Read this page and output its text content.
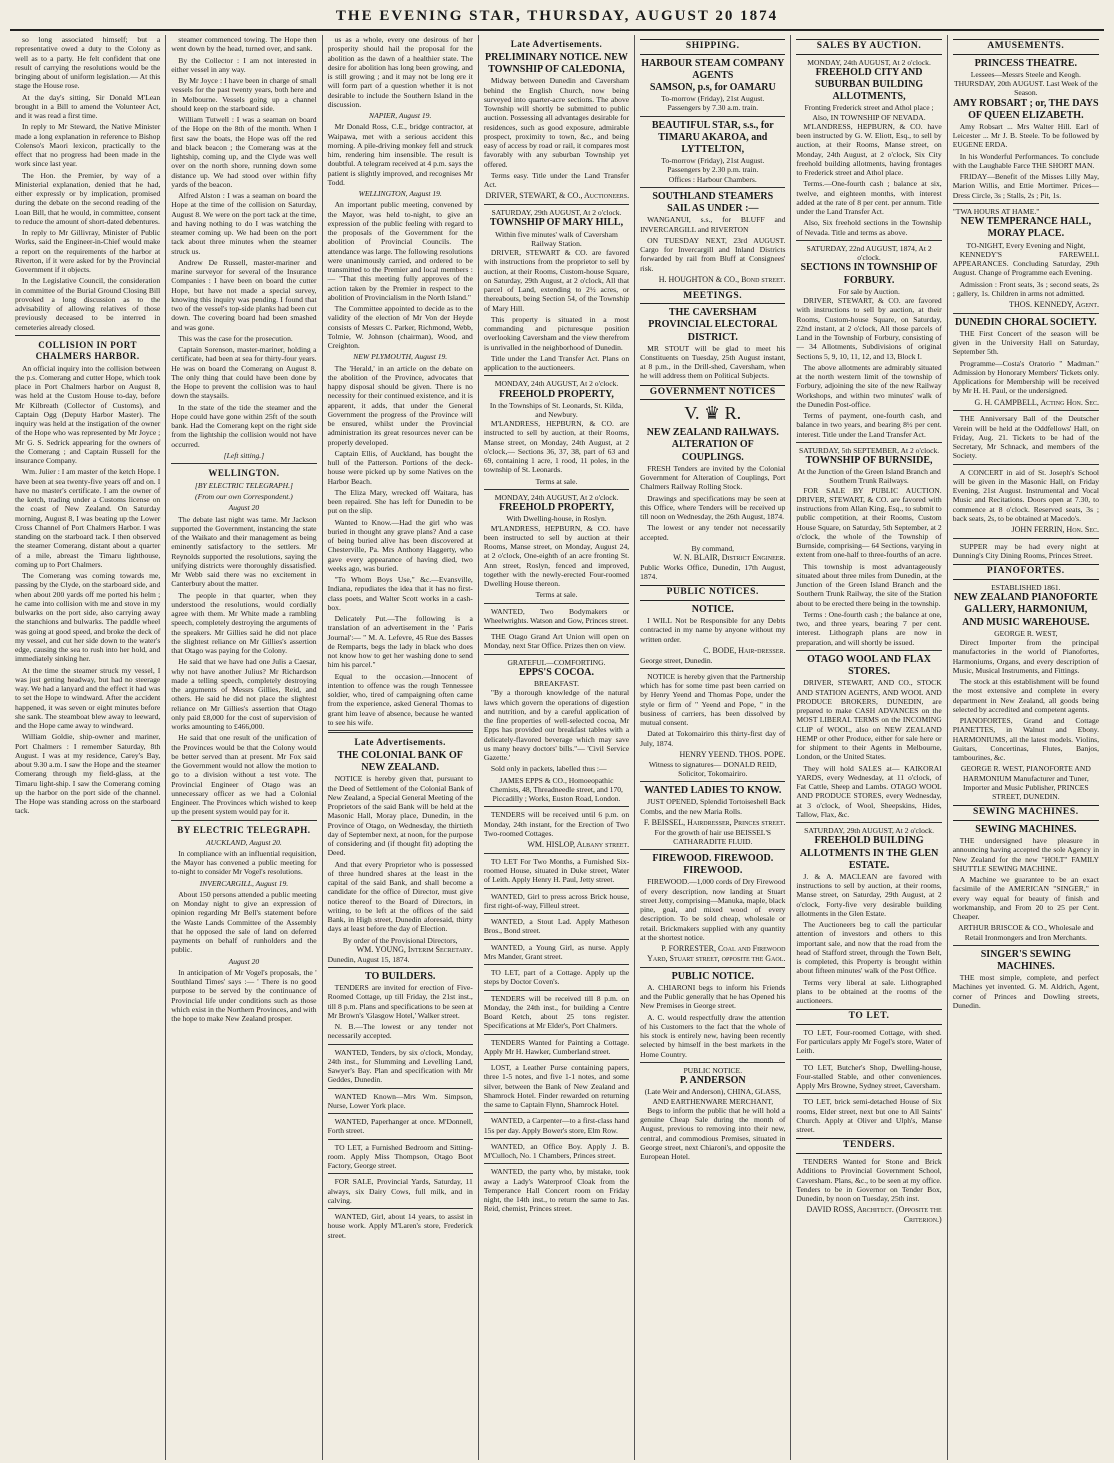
THE EVENING STAR, THURSDAY, AUGUST 20 1874

so long associated himself; but a representative owed a duty to the Colony as well as to a party. He felt confident that one result of carrying the resolutions would be the bringing about of uniform legislation.— At this stage the House rose.

At the day's sitting, Sir Donald M'Lean brought in a Bill to amend the Volunteer Act, and it was read a first time.

In reply to Mr Steward, the Native Minister made a long explanation in reference to Bishop Colenso's Maori lexicon, practically to the effect that no progress had been made in the work since last year.

The Hon. the Premier, by way of a Ministerial explanation, denied that he had, either expressly or by implication, promised during the debate on the second reading of the Loan Bill, that he would, in committee, consent to reduce the amount of short-dated debentures.

In reply to Mr Gillivray, Minister of Public Works, said the Engineer-in-Chief would make a report on the requirements of the harbor at Riverton, if it were asked for by the Provincial Government if it objects.

In the Legislative Council, the consideration in committee of the Burial Ground Closing Bill provoked a long discussion as to the advisability of allowing relatives of those previously deceased to be interred in cemeteries already closed.

COLLISION IN PORT CHALMERS HARBOR.

An official inquiry into the collision between the p.s. Comerang and cutter Hope, which took place in Port Chalmers harbor on August 8, was held at the Custom House to-day, before Mr Kilbreath (Collector of Customs), and Captain Ogg (Deputy Harbor Master). The inquiry was held at the instigation of the owner of the Hope who was represented by Mr Joyce ; Mr G. S. Sedrick appearing for the owners of the Comerang ; and Captain Russell for the insurance Company.

Wm. Julier : I am master of the ketch Hope. I have been at sea twenty-five years off and on. I have no master's certificate. I am the owner of the ketch, trading under a Customs license on the coast of New Zealand. On Saturday morning, August 8, I was beating up the Lower Cross Channel of Port Chalmers Harbor. I was standing on the starboard tack. I then observed the steamer Comerang, distant about a quarter of a mile, abreast the Timaru lighthouse, coming up to Port Chalmers.

The Comerang was coming towards me, passing by the Clyde, on the starboard side, and when about 200 yards off me ported his helm ; he came into collision with me and stove in my bulwarks on the port side, also carrying away the stanchions and bulwarks. The paddle wheel was going at good speed, and broke the deck of my vessel, and cut her side down to the water's edge, causing the sea to rush into her hold, and immediately sinking her.

At the time the steamer struck my vessel, I was just getting headway, but had no steerage way. We had a lanyard and the effect it had was to set the Hope to windward. After the accident happened, it was seven or eight minutes before she sank. The steamboat blew away to leeward, and the Hope came away to windward.

William Goldie, ship-owner and mariner, Port Chalmers : I remember Saturday, 8th August. I was at my residence, Carey's Bay, about 9.30 a.m. I saw the Hope and the steamer Comerang through my field-glass, at the Timaru light-ship. I saw the Comerang coming up the harbor on the port side of the channel. The Hope was standing across on the starboard tack.

steamer commenced towing. The Hope then went down by the head, turned over, and sank.

By the Collector : I am not interested in either vessel in any way.

By Mr Joyce : I have been in charge of small vessels for the past twenty years, both here and in Melbourne. Vessels going up a channel should keep on the starboard side.

William Tutwell : I was a seaman on board of the Hope on the 8th of the month. When I first saw the boats, the Hope was off the red and black beacon ; the Comerang was at the lightship, coming up, and the Clyde was well over on the north shore, running down some distance up. We had stood over within fifty yards of the beacon.

Alfred Alston : I was a seaman on board the Hope at the time of the collision on Saturday, August 8. We were on the port tack at the time, and having nothing to do I was watching the steamer coming up. We had been on the port tack about three minutes when the steamer struck us.

Andrew De Russell, master-mariner and marine surveyor for several of the Insurance Companies : I have been on board the cutter Hope, but have not made a special survey, knowing this inquiry was pending. I found that two of the vessel's top-side planks had been cut down. The covering board had been smashed and was gone.

This was the case for the prosecution.

Captain Sorenson, master-mariner, holding a certificate, had been at sea for thirty-four years. He was on board the Comerang on August 8. The only thing that could have been done by the Hope to prevent the collision was to haul down the staysails.

In the state of the tide the steamer and the Hope could have gone within 25ft of the south bank. Had the Comerang kept on the right side from the lightship the collision would not have occurred.

[Left sitting.]
WELLINGTON.
[BY ELECTRIC TELEGRAPH.]
(From our own Correspondent.)
August 20

The debate last night was tame. Mr Jackson supported the Government, instancing the state of the Waikato and their management as being eminently satisfactory to the settlers. Mr Reynolds supported the resolutions, saying the unifying districts were thoroughly dissatisfied. Mr Webb said there was no excitement in Canterbury about the matter.

The people in that quarter, when they understood the resolutions, would cordially agree with them. Mr White made a rambling speech, completely destroying the arguments of the speakers. Mr Gillies said he did not place the slightest reliance on Mr Gillies's assertion that Otago was paying for the Colony.

He said that we have had one Julis a Caesar, why not have another Julius? Mr Richardson made a telling speech, completely destroying the arguments of Messrs Gillies, Reid, and others. He said he did not place the slightest reliance on Mr Gillies's assertion that Otago only paid £8,000 for the cost of supervision of works amounting to £466,000.

He said that one result of the unification of the Provinces would be that the Colony would be better served than at present. Mr Fox said the Government would not allow the motion to go to a division without a test vote. The Provincial Engineer of Otago was an unnecessary officer as we had a Colonial Engineer. The Provinces which wished to keep up the present system would pay for it.

BY ELECTRIC TELEGRAPH.
AUCKLAND, August 20.

In compliance with an influential requisition, the Mayor has convened a public meeting for to-night to consider Mr Vogel's resolutions.

INVERCARGILL, August 19.

About 150 persons attended a public meeting on Monday night to give an expression of opinion regarding Mr Bell's statement before the Waste Lands Committee of the Assembly that he opposed the sale of land on deferred payments on behalf of runholders and the public.

August 20

In anticipation of Mr Vogel's proposals, the ' Southland Times' says :— ' There is no good purpose to be served by the continuance of Provincial life under conditions such as those which exist in the Northern Provinces, and with the hope to make New Zealand prosper.

us as a whole, every one desirous of her prosperity should hail the proposal for the abolition as the dawn of a healthier state. The desire for abolition has long been growing, and is still growing ; and it may not be long ere it will form part of a question whether it is not desirable to include the Southern Island in the discussion.

NAPIER, August 19.

Mr Donald Ross, C.E., bridge contractor, at Waipawa, met with a serious accident this morning. A pile-driving monkey fell and struck him, rendering him insensible. The result is doubtful. A telegram received at 4 p.m. says the patient is slightly improved, and recognises Mr Todd.

WELLINGTON, August 19.

An important public meeting, convened by the Mayor, was held to-night, to give an expression of the public feeling with regard to the proposals of the Government for the abolition of Provincial Councils. The attendance was large. The following resolutions were unanimously carried, and ordered to be transmitted to the Premier and local members :— "That this meeting fully approves of the action taken by the Premier in respect to the abolition of Provincialism in the North Island."

The Committee appointed to decide as to the validity of the election of Mr Von der Heyde consists of Messrs C. Parker, Richmond, Webb, Tolmie, W. Johnson (chairman), Wood, and Creighton.

NEW PLYMOUTH, August 19.

The 'Herald,' in an article on the debate on the abolition of the Province, advocates that happy disposal should be given. There is no necessity for their continued existence, and it is apparent, it adds, that under the General Government the progress of the Province will be ensured, whilst under the Provincial administration its great resources never can be properly developed.

Captain Ellis, of Auckland, has bought the hull of the Patterson. Portions of the deck-house were picked up by some Natives on the Harbor Beach.

The Eliza Mary, wrecked off Waitara, has been repaired. She has left for Dunedin to be put on the slip.

Wanted to Know.—Had the girl who was buried in thought any grave plans? And a case of being buried alive has been discovered at Chesterville, Pa. Mrs Anthony Haggerty, who gave every appearance of having died, two weeks ago, was buried.

"To Whom Boys Use," &c.—Evansville, Indiana, repudiates the idea that it has no first-class poets, and Walter Scott works in a cash-box.

Delicately Put.—The following is a translation of an advertisement in the ' Paris Journal':— " M. A. Lefevre, 45 Rue des Basses de Remparts, begs the lady in black who does not know how to get her washing done to send him his parcel."

Equal to the occasion.—Innocent of intention to offence was the rough Tennessee soldier, who, tired of campaigning often came from the experience, asked General Thomas to grant him leave of absence, because he wanted to see his wife.

Late Advertisements.
THE COLONIAL BANK OF NEW ZEALAND.

NOTICE is hereby given that, pursuant to the Deed of Settlement of the Colonial Bank of New Zealand, a Special General Meeting of the Proprietors of the said Bank will be held at the Masonic Hall, Moray place, Dunedin, in the Province of Otago, on Wednesday, the thirtieth day of September next, at noon, for the purpose of considering and (if thought fit) adopting the Deed.

And that every Proprietor who is possessed of three hundred shares at the least in the capital of the said Bank, and shall become a candidate for the office of Director, must give notice thereof to the Board of Directors, in writing, to be left at the offices of the said Bank, in High street, Dunedin aforesaid, thirty days at least before the day of Election.

By order of the Provisional Directors,
WM. YOUNG, Interim Secretary.
Dunedin, August 15, 1874.
TO BUILDERS.

TENDERS are invited for erection of Five-Roomed Cottage, up till Friday, the 21st inst., till 8 p.m. Plans and specifications to be seen at Mr Brown's 'Glasgow Hotel,' Walker street.

N. B.—The lowest or any tender not necessarily accepted.

WANTED, Tenders, by six o'clock, Monday, 24th inst., for Slumming and Levelling Land, Sawyer's Bay. Plan and specification with Mr Geddes, Dunedin.

WANTED Known—Mrs Wm. Simpson, Nurse, Lower York place.

WANTED, Paperhanger at once. M'Donnell, Forth street.

TO LET, a Furnished Bedroom and Sitting-room. Apply Miss Thompson, Otago Boot Factory, George street.

FOR SALE, Provincial Yards, Saturday, 11 always, six Dairy Cows, full milk, and in calving.

WANTED, Girl, about 14 years, to assist in house work. Apply M'Laren's store, Frederick street.

Late Advertisements.
PRELIMINARY NOTICE. NEW TOWNSHIP OF CALEDONIA,

Midway between Dunedin and Caversham behind the English Church, now being surveyed into quarter-acre sections. The above Township will shortly be submitted to public auction. Possessing all advantages desirable for residences, such as good exposure, admirable prospect, proximity to town, &c., and being easy of access by road or rail, it compares most favorably with any suburban Township yet offered.

Terms easy. Title under the Land Transfer Act.

DRIVER, STEWART, & CO., Auctioneers.
SATURDAY, 29th AUGUST, At 2 o'clock.
TOWNSHIP OF MARY HILL,
Within five minutes' walk of Caversham Railway Station.

DRIVER, STEWART & CO. are favored with instructions from the proprietor to sell by auction, at their Rooms, Custom-house Square, on Saturday, 29th August, at 2 o'clock, All that parcel of Land, extending to 2½ acres, or thereabouts, being Section 54, of the Township of Mary Hill.

This property is situated in a most commanding and picturesque position overlooking Caversham and the view therefrom is unrivalled in the neighborhood of Dunedin.

Title under the Land Transfer Act. Plans on application to the auctioneers.

MONDAY, 24th AUGUST, At 2 o'clock.
FREEHOLD PROPERTY,
In the Townships of St. Leonards, St. Kilda, and Newbury.

M'LANDRESS, HEPBURN, & CO. are instructed to sell by auction, at their Rooms, Manse street, on Monday, 24th August, at 2 o'clock,— Sections 36, 37, 38, part of 63 and 69, containing 1 acre, 1 rood, 11 poles, in the township of St. Leonards.

Terms at sale.
MONDAY, 24th AUGUST, At 2 o'clock.
FREEHOLD PROPERTY,
With Dwelling-house, in Roslyn.

M'LANDRESS, HEPBURN, & CO. have been instructed to sell by auction at their Rooms, Manse street, on Monday, August 24, at 2 o'clock, One-eighth of an acre fronting St. Ann street, Roslyn, fenced and improved, together with the newly-erected Four-roomed Dwelling House thereon.

Terms at sale.

WANTED, Two Bodymakers or Wheelwrights. Watson and Gow, Princes street.

THE Otago Grand Art Union will open on Monday, next Star Office. Prizes then on view.

GRATEFUL—COMFORTING.
EPPS'S COCOA.
BREAKFAST.

"By a thorough knowledge of the natural laws which govern the operations of digestion and nutrition, and by a careful application of the fine properties of well-selected cocoa, Mr Epps has provided our breakfast tables with a delicately-flavored beverage which may save us many heavy doctors' bills."— 'Civil Service Gazette.'

Sold only in packets, labelled thus :—

JAMES EPPS & CO., Homoeopathic Chemists, 48, Threadneedle street, and 170, Piccadilly ; Works, Euston Road, London.

TENDERS will be received until 6 p.m. on Monday, 24th instant, for the Erection of Two Two-roomed Cottages.

WM. HISLOP, Albany street.

TO LET For Two Months, a Furnished Six-roomed House, situated in Duke street, Water of Leith. Apply Henry H. Paul, Jetty street.

WANTED, Girl to press across Brick house, first right-of-way, Filleul street.

WANTED, a Stout Lad. Apply Matheson Bros., Bond street.

WANTED, a Young Girl, as nurse. Apply Mrs Mander, Grant street.

TO LET, part of a Cottage. Apply up the steps by Doctor Coven's.

TENDERS will be received till 8 p.m. on Monday, the 24th inst., for building a Centre Board Ketch, about 25 tons register. Specifications at Mr Elder's, Port Chalmers.

TENDERS Wanted for Painting a Cottage. Apply Mr H. Hawker, Cumberland street.

LOST, a Leather Purse containing papers, three 1-5 notes, and five 1-1 notes, and some silver, between the Bank of New Zealand and Shamrock Hotel. Finder rewarded on returning the same to Captain Flynn, Shamrock Hotel.

WANTED, a Carpenter—to a first-class hand 15s per day. Apply Bower's store, Elm Row.

WANTED, an Office Boy. Apply J. B. M'Culloch, No. 1 Chambers, Princes street.

WANTED, the party who, by mistake, took away a Lady's Waterproof Cloak from the Temperance Hall Concert room on Friday night, the 14th inst., to return the same to Jas. Reid, chemist, Princes street.

SHIPPING.
HARBOUR STEAM COMPANY AGENTS
SAMSON, p.s, for OAMARU
To-morrow (Friday), 21st August.
Passengers by 7.30 a.m. train.
BEAUTIFUL STAR, s.s., for TIMARU AKAROA, and LYTTELTON,
To-morrow (Friday), 21st August.
Passengers by 2.30 p.m. train.
Offices : Harbour Chambers.
SOUTHLAND STEAMERS SAIL AS UNDER :—

WANGANUI, s.s., for BLUFF and INVERCARGILL and RIVERTON

ON TUESDAY NEXT, 23rd AUGUST. Cargo for Invercargill and Inland Districts forwarded by rail from Bluff at Consignees' risk.

H. HOUGHTON & CO., Bond street.
MEETINGS.
THE CAVERSHAM PROVINCIAL ELECTORAL DISTRICT.

MR STOUT will be glad to meet his Constituents on Tuesday, 25th August instant, at 8 p.m., in the Drill-shed, Caversham, when he will address them on Political Subjects.

GOVERNMENT NOTICES
V. ♛ R.
NEW ZEALAND RAILWAYS. ALTERATION OF COUPLINGS.

FRESH Tenders are invited by the Colonial Government for Alteration of Couplings, Port Chalmers Railway Rolling Stock.

Drawings and specifications may be seen at this Office, where Tenders will be received up till noon on Wednesday, the 26th August, 1874.

The lowest or any tender not necessarily accepted.

By command,
W. N. BLAIR, District Engineer.
Public Works Office, Dunedin, 17th August, 1874.
PUBLIC NOTICES.
NOTICE.

I WILL Not be Responsible for any Debts contracted in my name by anyone without my written order.

C. BODE, Hair-dresser.
George street, Dunedin.

NOTICE is hereby given that the Partnership which has for some time past been carried on by Henry Yeend and Thomas Pope, under the style or firm of " Yeend and Pope, " in the business of carriers, has been dissolved by mutual consent.

Dated at Tokomairiro this thirty-first day of July, 1874.

HENRY YEEND. THOS. POPE.
Witness to signatures— DONALD REID, Solicitor, Tokomairiro.
WANTED LADIES TO KNOW.

JUST OPENED, Splendid Tortoiseshell Back Combs, and the new Maria Rolls.

F. BEISSEL, Hairdresser, Princes street.
For the growth of hair use BEISSEL'S CATHARADITE FLUID.
FIREWOOD. FIREWOOD. FIREWOOD.

FIREWOOD.—1,000 cords of Dry Firewood of every description, now landing at Stuart street Jetty, comprising—Manuka, maple, black pine, goal, and mixed wood of every description. To be sold cheap, wholesale or retail. Brickmakers supplied with any quantity at the shortest notice.

P. FORRESTER, Coal and Firewood Yard, Stuart street, opposite the Gaol.
PUBLIC NOTICE.

A. CHIARONI begs to inform his Friends and the Public generally that he has Opened his New Premises in George street.

A. C. would respectfully draw the attention of his Customers to the fact that the whole of his stock is entirely new, having been recently selected by himself in the best markets in the Home Country.

PUBLIC NOTICE.
P. ANDERSON
(Late Weir and Anderson), CHINA, GLASS, AND EARTHENWARE MERCHANT,

Begs to inform the public that he will hold a genuine Cheap Sale during the month of August, previous to removing into their new, central, and commodious Premises, situated in George street, next Chiaroni's, and opposite the European Hotel.

SALES BY AUCTION.
MONDAY, 24th AUGUST, At 2 o'clock.
FREEHOLD CITY AND SUBURBAN BUILDING ALLOTMENTS,
Fronting Frederick street and Athol place ; Also, IN TOWNSHIP OF NEVADA.

M'LANDRESS, HEPBURN, & CO. have been instructed by G. W. Eliott, Esq., to sell by auction, at their Rooms, Manse street, on Monday, 24th August, at 2 o'clock, Six City freehold building allotments, having frontages to Frederick street and Athol place.

Terms.—One-fourth cash ; balance at six, twelve, and eighteen months, with interest added at the rate of 8 per cent. per annum. Title under the Land Transfer Act.

Also, Six freehold sections in the Township of Nevada. Title and terms as above.

SATURDAY, 22nd AUGUST, 1874, At 2 o'clock.
SECTIONS IN TOWNSHIP OF FORBURY.
For sale by Auction.

DRIVER, STEWART, & CO. are favored with instructions to sell by auction, at their Rooms, Custom-house Square, on Saturday, 22nd instant, at 2 o'clock, All those parcels of Land in the Township of Forbury, consisting of— 34 Allotments, Subdivisions of original Sections 5, 9, 10, 11, 12, and 13, Block I.

The above allotments are admirably situated at the north western limit of the township of Forbury, adjoining the site of the new Railway Workshops, and within two minutes' walk of the Dunedin Post-office.

Terms of payment, one-fourth cash, and balance in two years, and bearing 8½ per cent. interest. Title under the Land Transfer Act.

SATURDAY, 5th SEPTEMBER, At 2 o'clock.
TOWNSHIP OF BURNSIDE,
At the Junction of the Green Island Branch and Southern Trunk Railways.

FOR SALE BY PUBLIC AUCTION. DRIVER, STEWART, & CO. are favored with instructions from Allan King, Esq., to submit to public competition, at their Rooms, Custom House Square, on Saturday, 5th September, at 2 o'clock, the whole of the Township of Burnside, comprising— 64 Sections, varying in extent from one-half to three-fourths of an acre.

This township is most advantageously situated about three miles from Dunedin, at the Junction of the Green Island Branch and the Southern Trunk Railway, the site of the Station about to be erected there being in the township.

Terms : One-fourth cash ; the balance at one, two, and three years, bearing 7 per cent. interest. Lithograph plans are now in preparation, and will shortly be issued.

OTAGO WOOL AND FLAX STORES.

DRIVER, STEWART, AND CO., STOCK AND STATION AGENTS, AND WOOL AND PRODUCE BROKERS, DUNEDIN, are prepared to make CASH ADVANCES on the MOST LIBERAL TERMS on the INCOMING CLIP of WOOL, also on NEW ZEALAND HEMP or other Produce, either for sale here or for shipment to their Agents in Melbourne, London, or the United States.

They will hold SALES at— KAIKORAI YARDS, every Wednesday, at 11 o'clock, of Fat Cattle, Sheep and Lambs. OTAGO WOOL AND PRODUCE STORES, every Wednesday, at 3 o'clock, of Wool, Sheepskins, Hides, Tallow, Flax, &c.

SATURDAY, 29th AUGUST, At 2 o'clock.
FREEHOLD BUILDING ALLOTMENTS IN THE GLEN ESTATE.

J. & A. MACLEAN are favored with instructions to sell by auction, at their rooms, Manse street, on Saturday, 29th August, at 2 o'clock, Forty-five very desirable building allotments in the Glen Estate.

The Auctioneers beg to call the particular attention of investors and others to this important sale, and now that the road from the head of Stafford street, through the Town Belt, is completed, this Property is brought within about fifteen minutes' walk of the Post Office.

Terms very liberal at sale. Lithographed plans to be obtained at the rooms of the auctioneers.

TO LET.

TO LET, Four-roomed Cottage, with shed. For particulars apply Mr Fogel's store, Water of Leith.

TO LET, Butcher's Shop, Dwelling-house, Four-stalled Stable, and other conveniences. Apply Mrs Browne, Sydney street, Caversham.

TO LET, brick semi-detached House of Six rooms, Elder street, next but one to All Saints' Church. Apply at Oliver and Ulph's, Manse street.

TENDERS.

TENDERS Wanted for Stone and Brick Additions to Provincial Government School, Caversham. Plans, &c., to be seen at my office. Tenders to be in Governor on Tender Box, Dunedin, by noon on Tuesday, 25th inst.

DAVID ROSS, Architect. (Opposite the Criterion.)
AMUSEMENTS.
PRINCESS THEATRE.
Lessees—Messrs Steele and Keogh. THURSDAY, 20th AUGUST. Last Week of the Season.
AMY ROBSART ; or, THE DAYS OF QUEEN ELIZABETH.

Amy Robsart ... Mrs Walter Hill. Earl of Leicester ... Mr J. B. Steele. To be followed by EUGENE ERDA.

In his Wonderful Performances. To conclude with the Laughable Farce THE SHORT MAN.

FRIDAY—Benefit of the Misses Lilly May, Marion Willis, and Ettie Mortimer. Prices—Dress Circle, 3s ; Stalls, 2s ; Pit, 1s.

"TWA HOURS AT HAME."
NEW TEMPERANCE HALL, MORAY PLACE.
TO-NIGHT, Every Evening and Night,

KENNEDY'S FAREWELL APPEARANCES. Concluding Saturday, 29th August. Change of Programme each Evening.

Admission : Front seats, 3s ; second seats, 2s ; gallery, 1s. Children in arms not admitted.

THOS. KENNEDY, Agent.
DUNEDIN CHORAL SOCIETY.

THE First Concert of the season will be given in the University Hall on Saturday, September 5th.

Programme—Costa's Oratorio " Madman." Admission by Honorary Members' Tickets only. Applications for Membership will be received by Mr H. H. Paul, or the undersigned.

G. H. CAMPBELL, Acting Hon. Sec.

THE Anniversary Ball of the Deutscher Verein will be held at the Oddfellows' Hall, on Friday, Aug. 21. Tickets to be had of the Secretary, Mr Schnack, and members of the Society.

A CONCERT in aid of St. Joseph's School will be given in the Masonic Hall, on Friday Evening, 21st August. Instrumental and Vocal Music and Recitations. Doors open at 7.30, to commence at 8 o'clock. Reserved seats, 3s ; back seats, 2s, to be obtained at Macedo's.

JOHN FERRIN, Hon. Sec.

SUPPER may be had every night at Dunning's City Dining Rooms, Princes Street.

PIANOFORTES.
ESTABLISHED 1861.
NEW ZEALAND PIANOFORTE GALLERY, HARMONIUM, AND MUSIC WAREHOUSE.
GEORGE R. WEST,

Direct Importer from the principal manufactories in the world of Pianofortes, Harmoniums, Organs, and every description of Music, Musical Instruments, and Fittings.

The stock at this establishment will be found the most extensive and complete in every department in New Zealand, all goods being selected by accredited and competent agents.

PIANOFORTES, Grand and Cottage PIANETTES, in Walnut and Ebony. HARMONIUMS, all the latest models. Violins, Guitars, Concertinas, Flutes, Banjos, tambourines, &c.

GEORGE R. WEST, PIANOFORTE AND HARMONIUM Manufacturer and Tuner, Importer and Music Publisher, PRINCES STREET, DUNEDIN.
SEWING MACHINES.
SEWING MACHINES.

THE undersigned have pleasure in announcing having accepted the sole Agency in New Zealand for the new "HOLT" FAMILY SHUTTLE SEWING MACHINE.

A Machine we guarantee to be an exact facsimile of the AMERICAN "SINGER," in every way equal for beauty of finish and workmanship, and From 20 to 25 per Cent. Cheaper.

ARTHUR BRISCOE & CO., Wholesale and Retail Ironmongers and Iron Merchants.
SINGER'S SEWING MACHINES.

THE most simple, complete, and perfect Machines yet invented. G. M. Aldrich, Agent, corner of Princes and Dowling streets, Dunedin.
